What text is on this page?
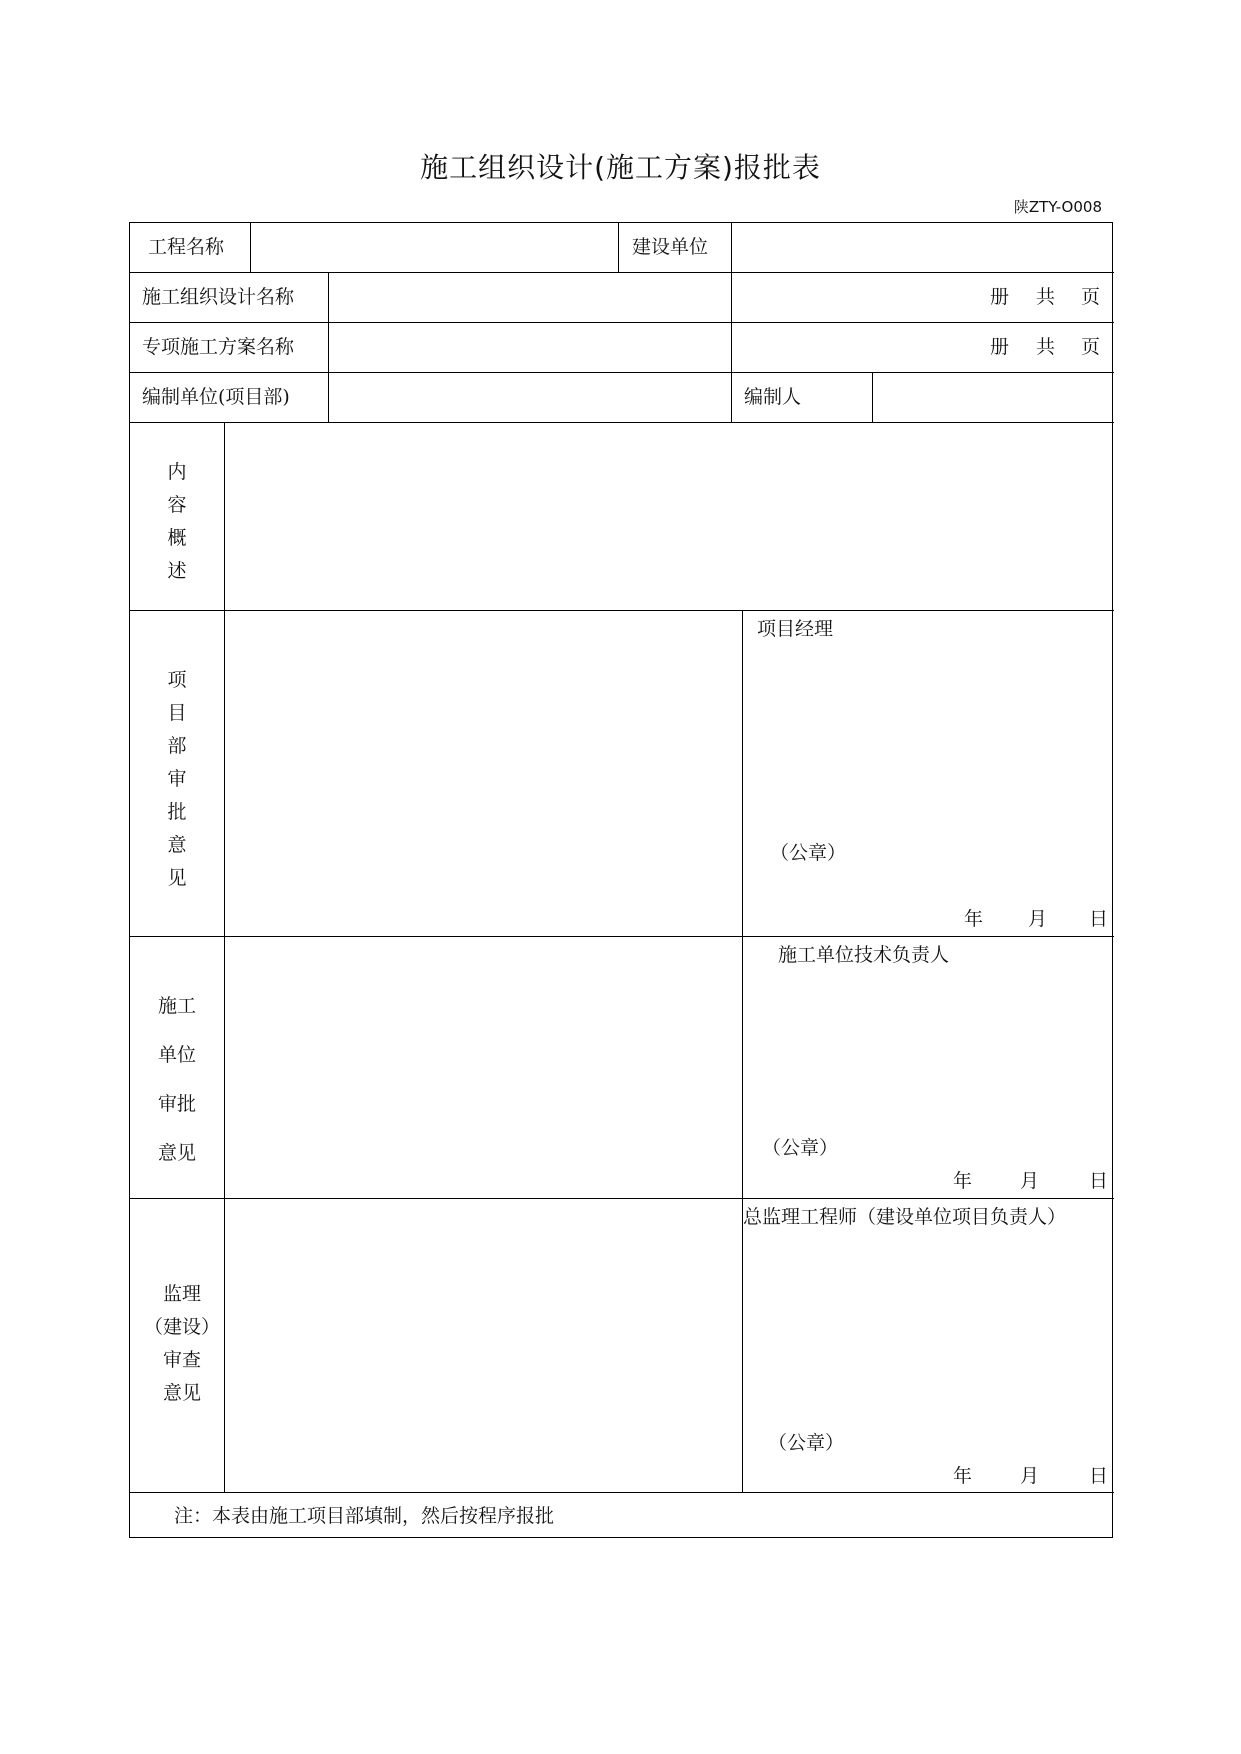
施工组织设计(施工方案)报批表
陕ZTY-O008
工程名称	建设单位
施工组织设计名称	册 共 页
专项施工方案名称	册 共 页
编制单位(项目部)	编制人
内
容
概
述
项
目
部
审
批
意
见
项目经理
（公章）
年 月 日
施工
单位
审批
意见
施工单位技术负责人
（公章）
年	月	日
监理
（建设）
审查
意见
总监理工程师（建设单位项目负责人）
（公章）
年	月	日
注：本表由施工项目部填制，然后按程序报批
